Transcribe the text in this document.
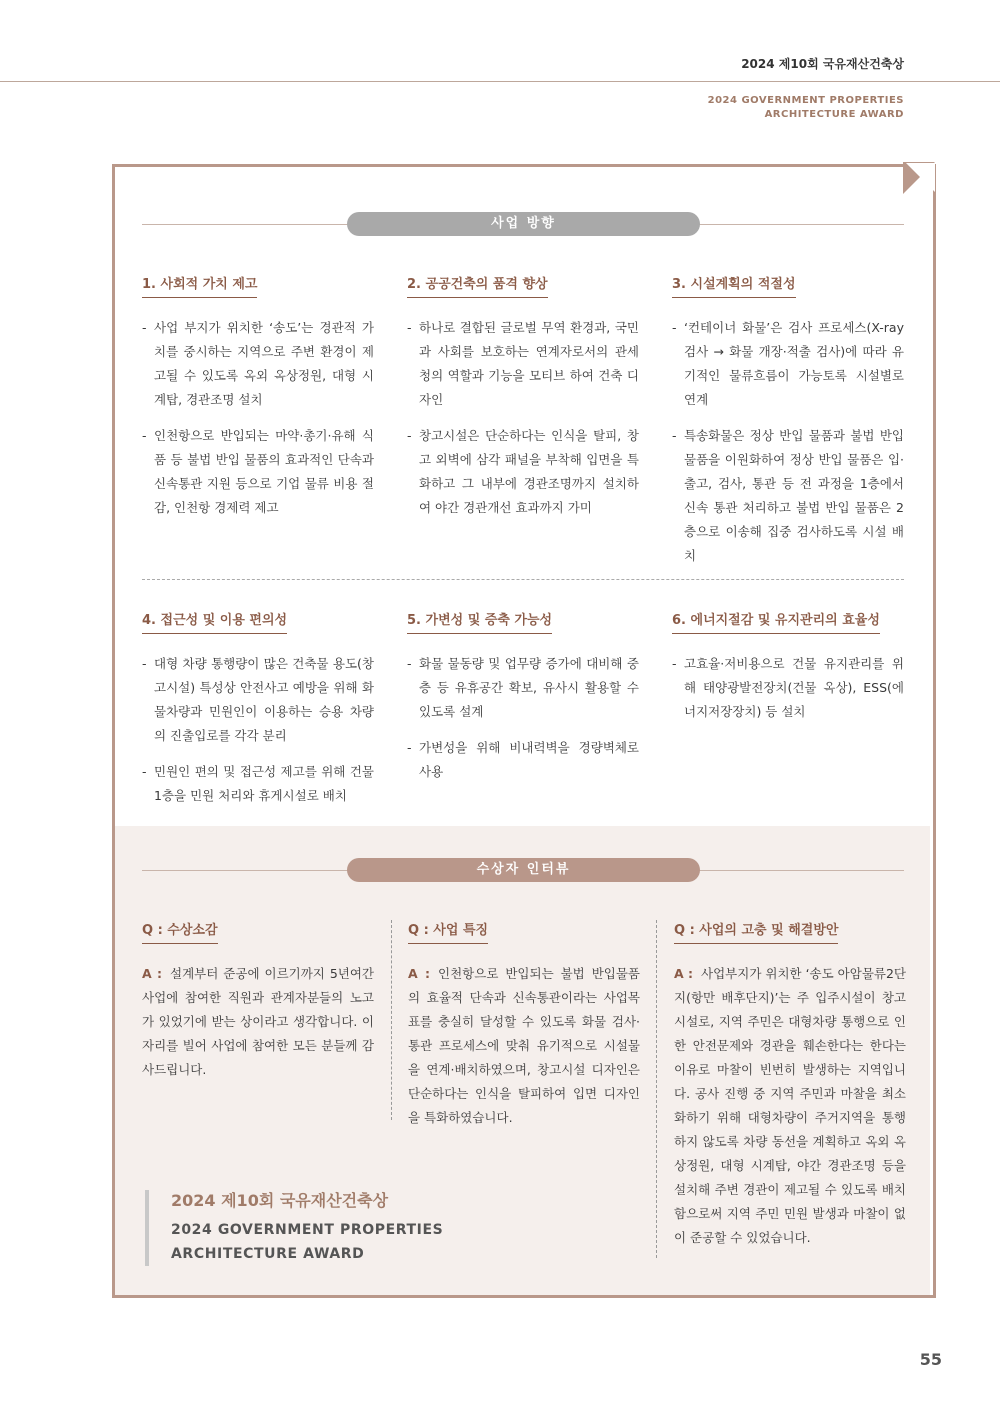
2024 제10회 국유재산건축상
2024 GOVERNMENT PROPERTIES
ARCHITECTURE AWARD
사업 방향
1. 사회적 가치 제고
- 사업 부지가 위치한 ‘송도’는 경관적 가치를 중시하는 지역으로 주변 환경이 제고될 수 있도록 옥외 옥상정원, 대형 시계탑, 경관조명 설치
- 인천항으로 반입되는 마약·총기·유해 식품 등 불법 반입 물품의 효과적인 단속과 신속통관 지원 등으로 기업 물류 비용 절감, 인천항 경제력 제고
2. 공공건축의 품격 향상
- 하나로 결합된 글로벌 무역 환경과, 국민과 사회를 보호하는 연계자로서의 관세청의 역할과 기능을 모티브 하여 건축 디자인
- 창고시설은 단순하다는 인식을 탈피, 창고 외벽에 삼각 패널을 부착해 입면을 특화하고 그 내부에 경관조명까지 설치하여 야간 경관개선 효과까지 가미
3. 시설계획의 적절성
- ‘컨테이너 화물’은 검사 프로세스(X-ray검사 → 화물 개장·적출 검사)에 따라 유기적인 물류흐름이 가능토록 시설별로 연계
- 특송화물은 정상 반입 물품과 불법 반입 물품을 이원화하여 정상 반입 물품은 입·출고, 검사, 통관 등 전 과정을 1층에서 신속 통관 처리하고 불법 반입 물품은 2층으로 이송해 집중 검사하도록 시설 배치
4. 접근성 및 이용 편의성
- 대형 차량 통행량이 많은 건축물 용도(창고시설) 특성상 안전사고 예방을 위해 화물차량과 민원인이 이용하는 승용 차량의 진출입로를 각각 분리
- 민원인 편의 및 접근성 제고를 위해 건물 1층을 민원 처리와 휴게시설로 배치
5. 가변성 및 증축 가능성
- 화물 물동량 및 업무량 증가에 대비해 중층 등 유휴공간 확보, 유사시 활용할 수 있도록 설계
- 가변성을 위해 비내력벽을 경량벽체로 사용
6. 에너지절감 및 유지관리의 효율성
- 고효율·저비용으로 건물 유지관리를 위해 태양광발전장치(건물 옥상), ESS(에너지저장장치) 등 설치
수상자 인터뷰
Q : 수상소감
A : 설계부터 준공에 이르기까지 5년여간 사업에 참여한 직원과 관계자분들의 노고가 있었기에 받는 상이라고 생각합니다. 이 자리를 빌어 사업에 참여한 모든 분들께 감사드립니다.
Q : 사업 특징
A : 인천항으로 반입되는 불법 반입물품의 효율적 단속과 신속통관이라는 사업목표를 충실히 달성할 수 있도록 화물 검사·통관 프로세스에 맞춰 유기적으로 시설물을 연계·배치하였으며, 창고시설 디자인은 단순하다는 인식을 탈피하여 입면 디자인을 특화하였습니다.
Q : 사업의 고충 및 해결방안
A : 사업부지가 위치한 ‘송도 아암물류2단지(항만 배후단지)’는 주 입주시설이 창고시설로, 지역 주민은 대형차량 통행으로 인한 안전문제와 경관을 훼손한다는 한다는 이유로 마찰이 빈번히 발생하는 지역입니다. 공사 진행 중 지역 주민과 마찰을 최소화하기 위해 대형차량이 주거지역을 통행하지 않도록 차량 동선을 계획하고 옥외 옥상정원, 대형 시계탑, 야간 경관조명 등을 설치해 주변 경관이 제고될 수 있도록 배치함으로써 지역 주민 민원 발생과 마찰이 없이 준공할 수 있었습니다.
2024 제10회 국유재산건축상
2024 GOVERNMENT PROPERTIES
ARCHITECTURE AWARD
55
